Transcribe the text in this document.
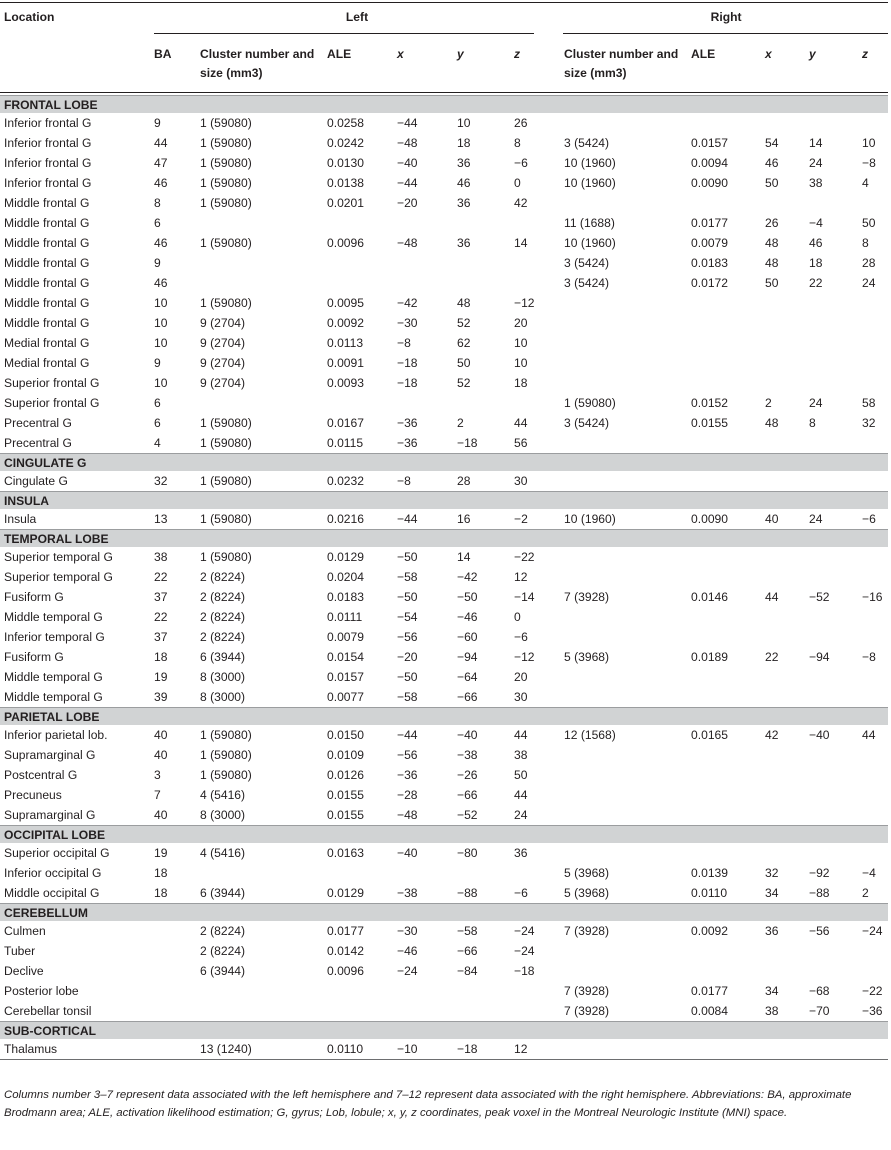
Location	Left						Right				
	BA	Cluster number and size (mm3)	ALE	x	y	z	Cluster number and size (mm3)	ALE	x	y	z
FRONTAL LOBE											
Inferior frontal G	9	1 (59080)	0.0258	−44	10	26					
Inferior frontal G	44	1 (59080)	0.0242	−48	18	8	3 (5424)	0.0157	54	14	10
Inferior frontal G	47	1 (59080)	0.0130	−40	36	−6	10 (1960)	0.0094	46	24	−8
Inferior frontal G	46	1 (59080)	0.0138	−44	46	0	10 (1960)	0.0090	50	38	4
Middle frontal G	8	1 (59080)	0.0201	−20	36	42					
Middle frontal G	6						11 (1688)	0.0177	26	−4	50
Middle frontal G	46	1 (59080)	0.0096	−48	36	14	10 (1960)	0.0079	48	46	8
Middle frontal G	9						3 (5424)	0.0183	48	18	28
Middle frontal G	46						3 (5424)	0.0172	50	22	24
Middle frontal G	10	1 (59080)	0.0095	−42	48	−12					
Middle frontal G	10	9 (2704)	0.0092	−30	52	20					
Medial frontal G	10	9 (2704)	0.0113	−8	62	10					
Medial frontal G	9	9 (2704)	0.0091	−18	50	10					
Superior frontal G	10	9 (2704)	0.0093	−18	52	18					
Superior frontal G	6						1 (59080)	0.0152	2	24	58
Precentral G	6	1 (59080)	0.0167	−36	2	44	3 (5424)	0.0155	48	8	32
Precentral G	4	1 (59080)	0.0115	−36	−18	56					
CINGULATE G											
Cingulate G	32	1 (59080)	0.0232	−8	28	30					
INSULA											
Insula	13	1 (59080)	0.0216	−44	16	−2	10 (1960)	0.0090	40	24	−6
TEMPORAL LOBE											
Superior temporal G	38	1 (59080)	0.0129	−50	14	−22					
Superior temporal G	22	2 (8224)	0.0204	−58	−42	12					
Fusiform G	37	2 (8224)	0.0183	−50	−50	−14	7 (3928)	0.0146	44	−52	−16
Middle temporal G	22	2 (8224)	0.0111	−54	−46	0					
Inferior temporal G	37	2 (8224)	0.0079	−56	−60	−6					
Fusiform G	18	6 (3944)	0.0154	−20	−94	−12	5 (3968)	0.0189	22	−94	−8
Middle temporal G	19	8 (3000)	0.0157	−50	−64	20					
Middle temporal G	39	8 (3000)	0.0077	−58	−66	30					
PARIETAL LOBE											
Inferior parietal lob.	40	1 (59080)	0.0150	−44	−40	44	12 (1568)	0.0165	42	−40	44
Supramarginal G	40	1 (59080)	0.0109	−56	−38	38					
Postcentral G	3	1 (59080)	0.0126	−36	−26	50					
Precuneus	7	4 (5416)	0.0155	−28	−66	44					
Supramarginal G	40	8 (3000)	0.0155	−48	−52	24					
OCCIPITAL LOBE											
Superior occipital G	19	4 (5416)	0.0163	−40	−80	36					
Inferior occipital G	18						5 (3968)	0.0139	32	−92	−4
Middle occipital G	18	6 (3944)	0.0129	−38	−88	−6	5 (3968)	0.0110	34	−88	2
CEREBELLUM											
Culmen		2 (8224)	0.0177	−30	−58	−24	7 (3928)	0.0092	36	−56	−24
Tuber		2 (8224)	0.0142	−46	−66	−24					
Declive		6 (3944)	0.0096	−24	−84	−18					
Posterior lobe							7 (3928)	0.0177	34	−68	−22
Cerebellar tonsil							7 (3928)	0.0084	38	−70	−36
SUB-CORTICAL											
Thalamus		13 (1240)	0.0110	−10	−18	12					
Columns number 3–7 represent data associated with the left hemisphere and 7–12 represent data associated with the right hemisphere. Abbreviations: BA, approximate Brodmann area; ALE, activation likelihood estimation; G, gyrus; Lob, lobule; x, y, z coordinates, peak voxel in the Montreal Neurologic Institute (MNI) space.
